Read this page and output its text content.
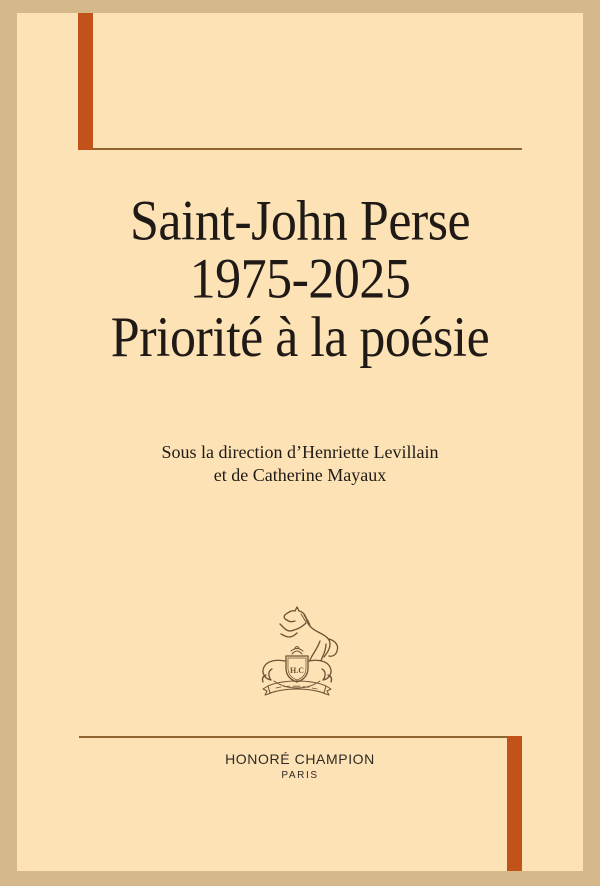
Saint-John Perse
1975-2025
Priorité à la poésie
Sous la direction d’Henriette Levillain
et de Catherine Mayaux
H.C
HONORÉ CHAMPION
PARIS
